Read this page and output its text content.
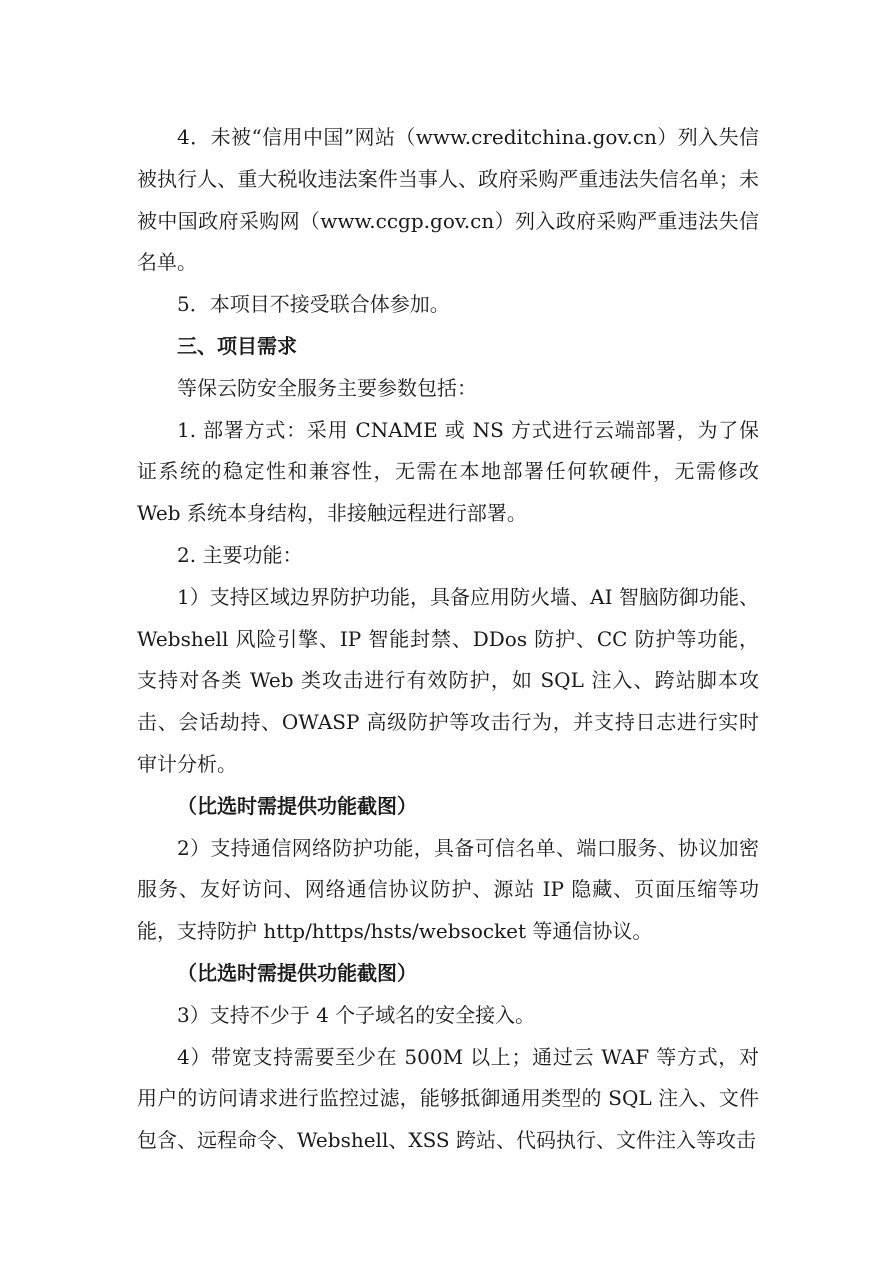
4．未被“信用中国”网站（www.creditchina.gov.cn）列入失信被执行人、重大税收违法案件当事人、政府采购严重违法失信名单；未被中国政府采购网（www.ccgp.gov.cn）列入政府采购严重违法失信名单。

5．本项目不接受联合体参加。

三、项目需求

等保云防安全服务主要参数包括：

1. 部署方式：采用 CNAME 或 NS 方式进行云端部署，为了保证系统的稳定性和兼容性，无需在本地部署任何软硬件，无需修改 Web 系统本身结构，非接触远程进行部署。

2. 主要功能：

1）支持区域边界防护功能，具备应用防火墙、AI 智脑防御功能、Webshell 风险引擎、IP 智能封禁、DDos 防护、CC 防护等功能，支持对各类 Web 类攻击进行有效防护，如 SQL 注入、跨站脚本攻击、会话劫持、OWASP 高级防护等攻击行为，并支持日志进行实时审计分析。

（比选时需提供功能截图）

2）支持通信网络防护功能，具备可信名单、端口服务、协议加密服务、友好访问、网络通信协议防护、源站 IP 隐藏、页面压缩等功能，支持防护 http/https/hsts/websocket 等通信协议。

（比选时需提供功能截图）

3）支持不少于 4 个子域名的安全接入。

4）带宽支持需要至少在 500M 以上；通过云 WAF 等方式，对用户的访问请求进行监控过滤，能够抵御通用类型的 SQL 注入、文件包含、远程命令、Webshell、XSS 跨站、代码执行、文件注入等攻击
